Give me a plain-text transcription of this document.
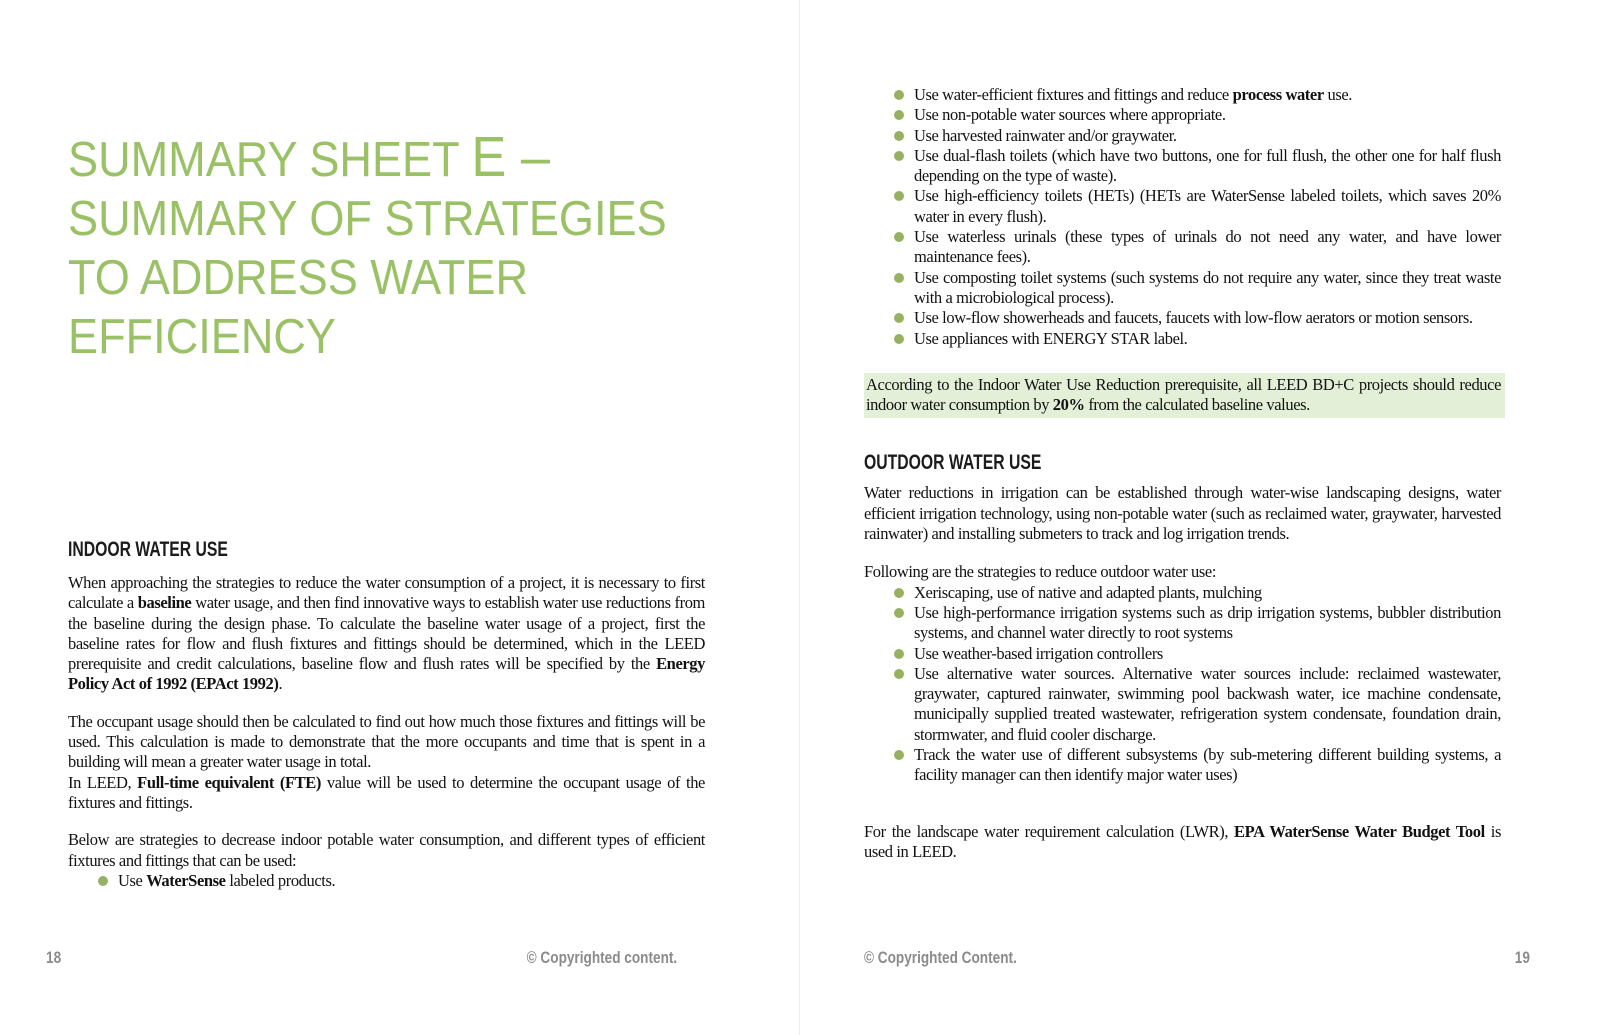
SUMMARY SHEET E –
SUMMARY OF STRATEGIES
TO ADDRESS WATER
EFFICIENCY
INDOOR WATER USE

When approaching the strategies to reduce the water consumption of a project, it is necessary to first calculate a baseline water usage, and then find innovative ways to establish water use reductions from the baseline during the design phase. To calculate the baseline water usage of a project, first the baseline rates for flow and flush fixtures and fittings should be determined, which in the LEED prerequisite and credit calculations, baseline flow and flush rates will be specified by the Energy Policy Act of 1992 (EPAct 1992).

The occupant usage should then be calculated to find out how much those fixtures and fittings will be used. This calculation is made to demonstrate that the more occupants and time that is spent in a building will mean a greater water usage in total.
In LEED, Full-time equivalent (FTE) value will be used to determine the occupant usage of the fixtures and fittings.

Below are strategies to decrease indoor potable water consumption, and different types of efficient fixtures and fittings that can be used:

Use WaterSense labeled products.
18	© Copyrighted content.
Use water-efficient fixtures and fittings and reduce process water use.
Use non-potable water sources where appropriate.
Use harvested rainwater and/or graywater.
Use dual-flash toilets (which have two buttons, one for full flush, the other one for half flush depending on the type of waste).
Use high-efficiency toilets (HETs) (HETs are WaterSense labeled toilets, which saves 20% water in every flush).
Use waterless urinals (these types of urinals do not need any water, and have lower maintenance fees).
Use composting toilet systems (such systems do not require any water, since they treat waste with a microbiological process).
Use low-flow showerheads and faucets, faucets with low-flow aerators or motion sensors.
Use appliances with ENERGY STAR label.
According to the Indoor Water Use Reduction prerequisite, all LEED BD+C projects should reduce indoor water consumption by 20% from the calculated baseline values.
OUTDOOR WATER USE

Water reductions in irrigation can be established through water-wise landscaping designs, water efficient irrigation technology, using non-potable water (such as reclaimed water, graywater, harvested rainwater) and installing submeters to track and log irrigation trends.

Following are the strategies to reduce outdoor water use:

Xeriscaping, use of native and adapted plants, mulching
Use high-performance irrigation systems such as drip irrigation systems, bubbler distribution systems, and channel water directly to root systems
Use weather-based irrigation controllers
Use alternative water sources. Alternative water sources include: reclaimed wastewater, graywater, captured rainwater, swimming pool backwash water, ice machine condensate, municipally supplied treated wastewater, refrigeration system condensate, foundation drain, stormwater, and fluid cooler discharge.
Track the water use of different subsystems (by sub-metering different building systems, a facility manager can then identify major water uses)

For the landscape water requirement calculation (LWR), EPA WaterSense Water Budget Tool is used in LEED.

© Copyrighted Content.	19
